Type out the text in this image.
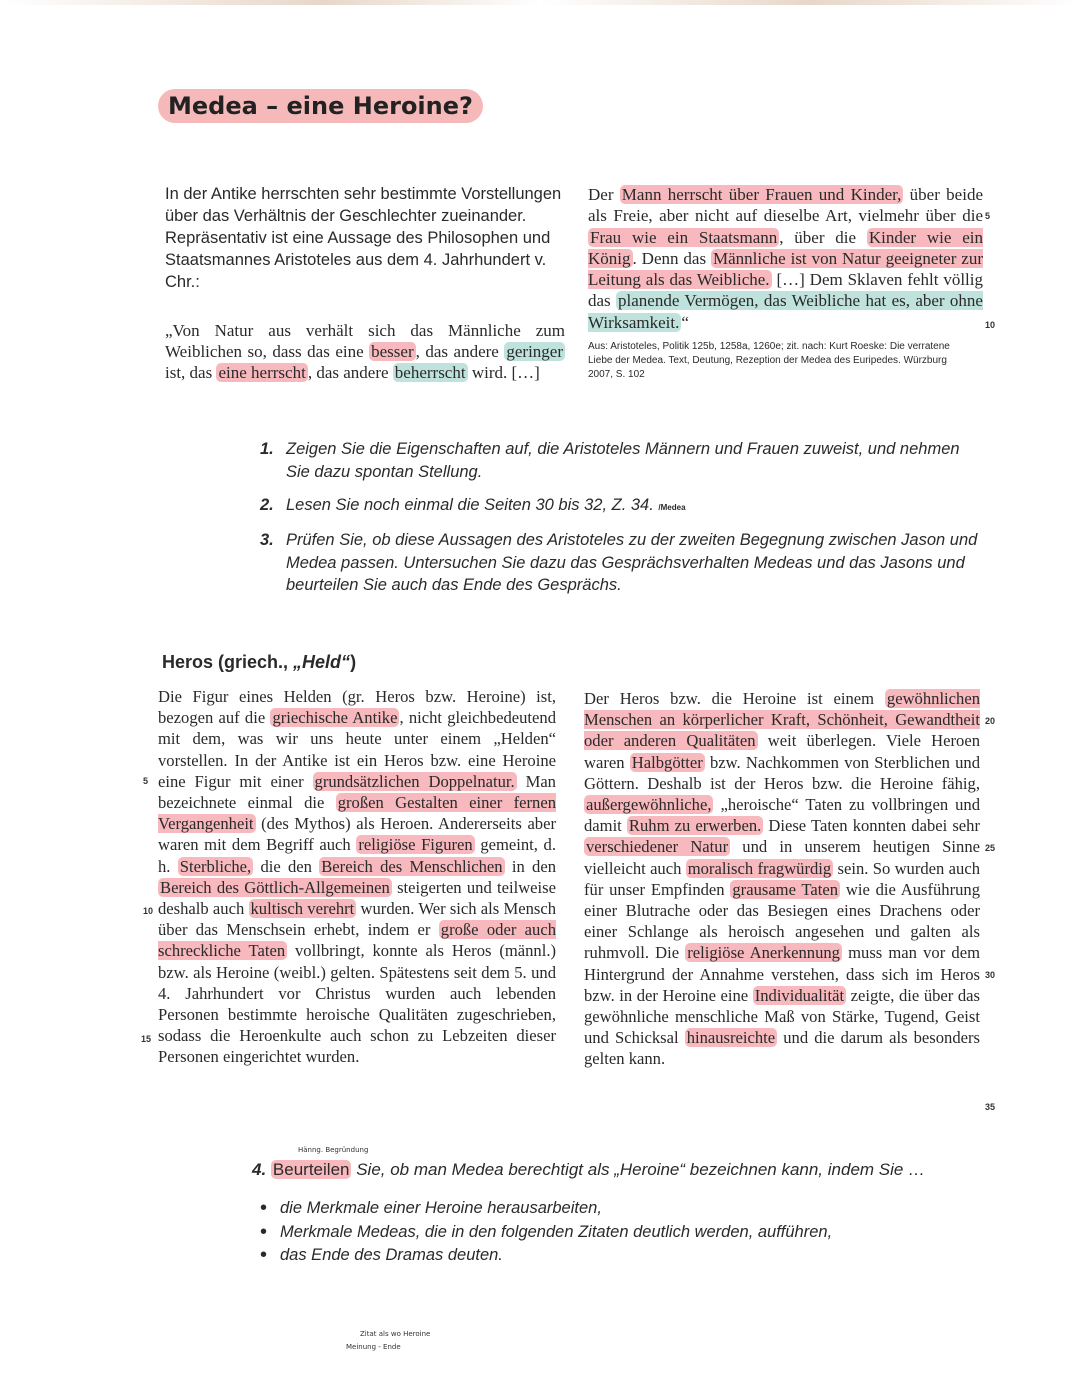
Medea – eine Heroine?
In der Antike herrschten sehr bestimmte Vorstellungen über das Verhältnis der Geschlechter zueinander. Repräsentativ ist eine Aussage des Philosophen und Staatsmannes Aristoteles aus dem 4. Jahrhundert v. Chr.:
„Von Natur aus verhält sich das Männliche zum Weiblichen so, dass das eine besser , das andere geringer ist, das eine herrscht , das andere beherrscht wird. […]
Der Mann herrscht über Frauen und Kinder, über beide als Freie, aber nicht auf dieselbe Art, vielmehr über die Frau wie ein Staatsmann , über die Kinder wie ein König . Denn das Männliche ist von Natur geeigneter zur Leitung als das Weibliche. […] Dem Sklaven fehlt völlig das planende Vermögen, das Weibliche hat es, aber ohne Wirksamkeit. “
Aus: Aristoteles, Politik 125b, 1258a, 1260e; zit. nach: Kurt Roeske: Die verratene Liebe der Medea. Text, Deutung, Rezeption der Medea des Euripedes. Würzburg 2007, S. 102
5
10
1. Zeigen Sie die Eigenschaften auf, die Aristoteles Männern und Frauen zuweist, und nehmen Sie dazu spontan Stellung.
2. Lesen Sie noch einmal die Seiten 30 bis 32, Z. 34. /Medea
3. Prüfen Sie, ob diese Aussagen des Aristoteles zu der zweiten Begegnung zwischen Jason und Medea passen. Untersuchen Sie dazu das Gesprächsverhalten Medeas und das Jasons und beurteilen Sie auch das Ende des Gesprächs.
Heros (griech., „Held“)
Die Figur eines Helden (gr. Heros bzw. Heroine) ist, bezogen auf die griechische Antike , nicht gleichbedeutend mit dem, was wir uns heute unter einem „Helden“ vorstellen. In der Antike ist ein Heros bzw. eine Heroine eine Figur mit einer grundsätzlichen Doppelnatur. Man bezeichnete einmal die großen Gestalten einer fernen Vergangenheit (des Mythos) als Heroen. Andererseits aber waren mit dem Begriff auch religiöse Figuren gemeint, d. h. Sterbliche, die den Bereich des Menschlichen in den Bereich des Göttlich-Allgemeinen steigerten und teilweise deshalb auch kultisch verehrt wurden. Wer sich als Mensch über das Menschsein erhebt, indem er große oder auch schreckliche Taten vollbringt, konnte als Heros (männl.) bzw. als Heroine (weibl.) gelten. Spätestens seit dem 5. und 4. Jahrhundert vor Christus wurden auch lebenden Personen bestimmte heroische Qualitäten zugeschrieben, sodass die Heroenkulte auch schon zu Lebzeiten dieser Personen eingerichtet wurden.
5
10
15
Der Heros bzw. die Heroine ist einem gewöhnlichen Menschen an körperlicher Kraft, Schönheit, Gewandtheit oder anderen Qualitäten weit überlegen. Viele Heroen waren Halbgötter bzw. Nachkommen von Sterblichen und Göttern. Deshalb ist der Heros bzw. die Heroine fähig, außergewöhnliche, „heroische“ Taten zu vollbringen und damit Ruhm zu erwerben. Diese Taten konnten dabei sehr verschiedener Natur und in unserem heutigen Sinne vielleicht auch moralisch fragwürdig sein. So wurden auch für unser Empfinden grausame Taten wie die Ausführung einer Blutrache oder das Besiegen eines Drachens oder einer Schlange als heroisch angesehen und galten als ruhmvoll. Die religiöse Anerkennung muss man vor dem Hintergrund der Annahme verstehen, dass sich im Heros bzw. in der Heroine eine Individualität zeigte, die über das gewöhnliche menschliche Maß von Stärke, Tugend, Geist und Schicksal hinausreichte und die darum als besonders gelten kann.
20
25
30
35
Hänng. Begründung
4. Beurteilen Sie, ob man Medea berechtigt als „Heroine“ bezeichnen kann, indem Sie …
• die Merkmale einer Heroine herausarbeiten,
• Merkmale Medeas, die in den folgenden Zitaten deutlich werden, aufführen,
• das Ende des Dramas deuten.
Zitat als wo Heroine
Meinung - Ende
